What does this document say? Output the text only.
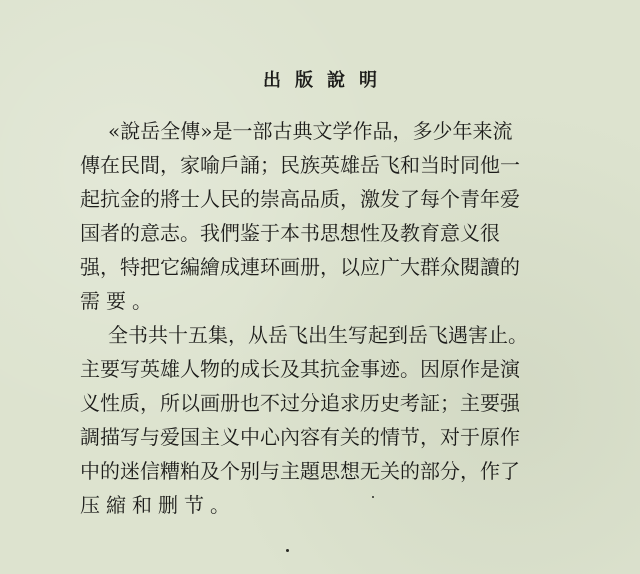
出版說明
«說岳全傳»是一部古典文学作品，多少年来流
傳在民間，家喻戶誦；民族英雄岳飞和当时同他一
起抗金的將士人民的崇高品质，激发了每个青年爱
国者的意志。我們鉴于本书思想性及教育意义很
强，特把它編繪成連环画册，以应广大群众閱讀的
需要。
全书共十五集，从岳飞出生写起到岳飞遇害止。
主要写英雄人物的成长及其抗金事迹。因原作是演
义性质，所以画册也不过分追求历史考証；主要强
調描写与爱国主义中心內容有关的情节，对于原作
中的迷信糟粕及个别与主題思想无关的部分，作了
压縮和删节。
